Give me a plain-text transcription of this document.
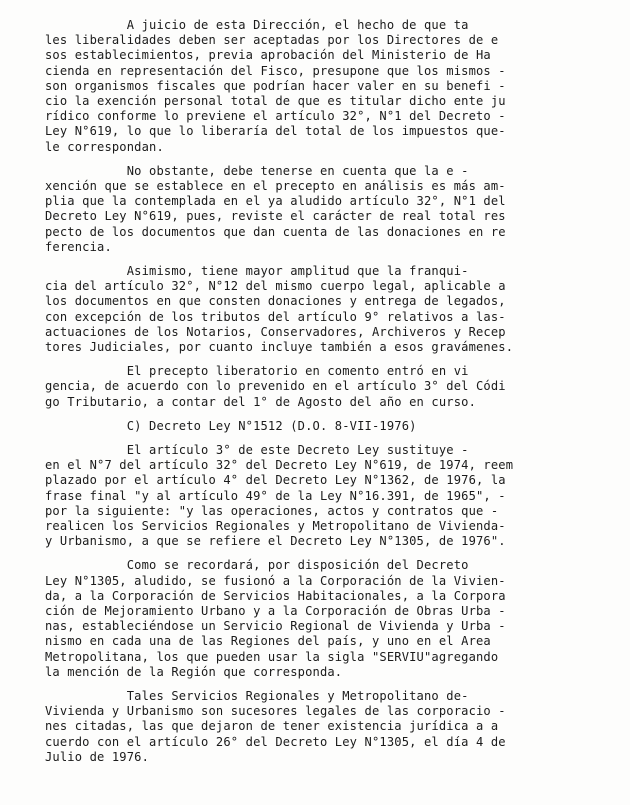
A juicio de esta Dirección, el hecho de que ta
les liberalidades deben ser aceptadas por los Directores de e
sos establecimientos, previa aprobación del Ministerio de Ha
cienda en representación del Fisco, presupone que los mismos -
son organismos fiscales que podrían hacer valer en su benefi -
cio la exención personal total de que es titular dicho ente ju
rídico conforme lo previene el artículo 32°, N°1 del Decreto -
Ley N°619, lo que lo liberaría del total de los impuestos que-
le correspondan.
No obstante, debe tenerse en cuenta que la e -
xención que se establece en el precepto en análisis es más am-
plia que la contemplada en el ya aludido artículo 32°, N°1 del
Decreto Ley N°619, pues, reviste el carácter de real total res
pecto de los documentos que dan cuenta de las donaciones en re
ferencia.
Asimismo, tiene mayor amplitud que la franqui-
cia del artículo 32°, N°12 del mismo cuerpo legal, aplicable a
los documentos en que consten donaciones y entrega de legados,
con excepción de los tributos del artículo 9° relativos a las-
actuaciones de los Notarios, Conservadores, Archiveros y Recep
tores Judiciales, por cuanto incluye también a esos gravámenes.
El precepto liberatorio en comento entró en vi
gencia, de acuerdo con lo prevenido en el artículo 3° del Códi
go Tributario, a contar del 1° de Agosto del año en curso.
C) Decreto Ley N°1512 (D.O. 8-VII-1976)
El artículo 3° de este Decreto Ley sustituye -
en el N°7 del artículo 32° del Decreto Ley N°619, de 1974, reem
plazado por el artículo 4° del Decreto Ley N°1362, de 1976, la
frase final "y al artículo 49° de la Ley N°16.391, de 1965", -
por la siguiente: "y las operaciones, actos y contratos que -
realicen los Servicios Regionales y Metropolitano de Vivienda-
y Urbanismo, a que se refiere el Decreto Ley N°1305, de 1976".
Como se recordará, por disposición del Decreto
Ley N°1305, aludido, se fusionó a la Corporación de la Vivien-
da, a la Corporación de Servicios Habitacionales, a la Corpora
ción de Mejoramiento Urbano y a la Corporación de Obras Urba -
nas, estableciéndose un Servicio Regional de Vivienda y Urba -
nismo en cada una de las Regiones del país, y uno en el Area
Metropolitana, los que pueden usar la sigla "SERVIU"agregando
la mención de la Región que corresponda.
Tales Servicios Regionales y Metropolitano de-
Vivienda y Urbanismo son sucesores legales de las corporacio -
nes citadas, las que dejaron de tener existencia jurídica a a
cuerdo con el artículo 26° del Decreto Ley N°1305, el día 4 de
Julio de 1976.
